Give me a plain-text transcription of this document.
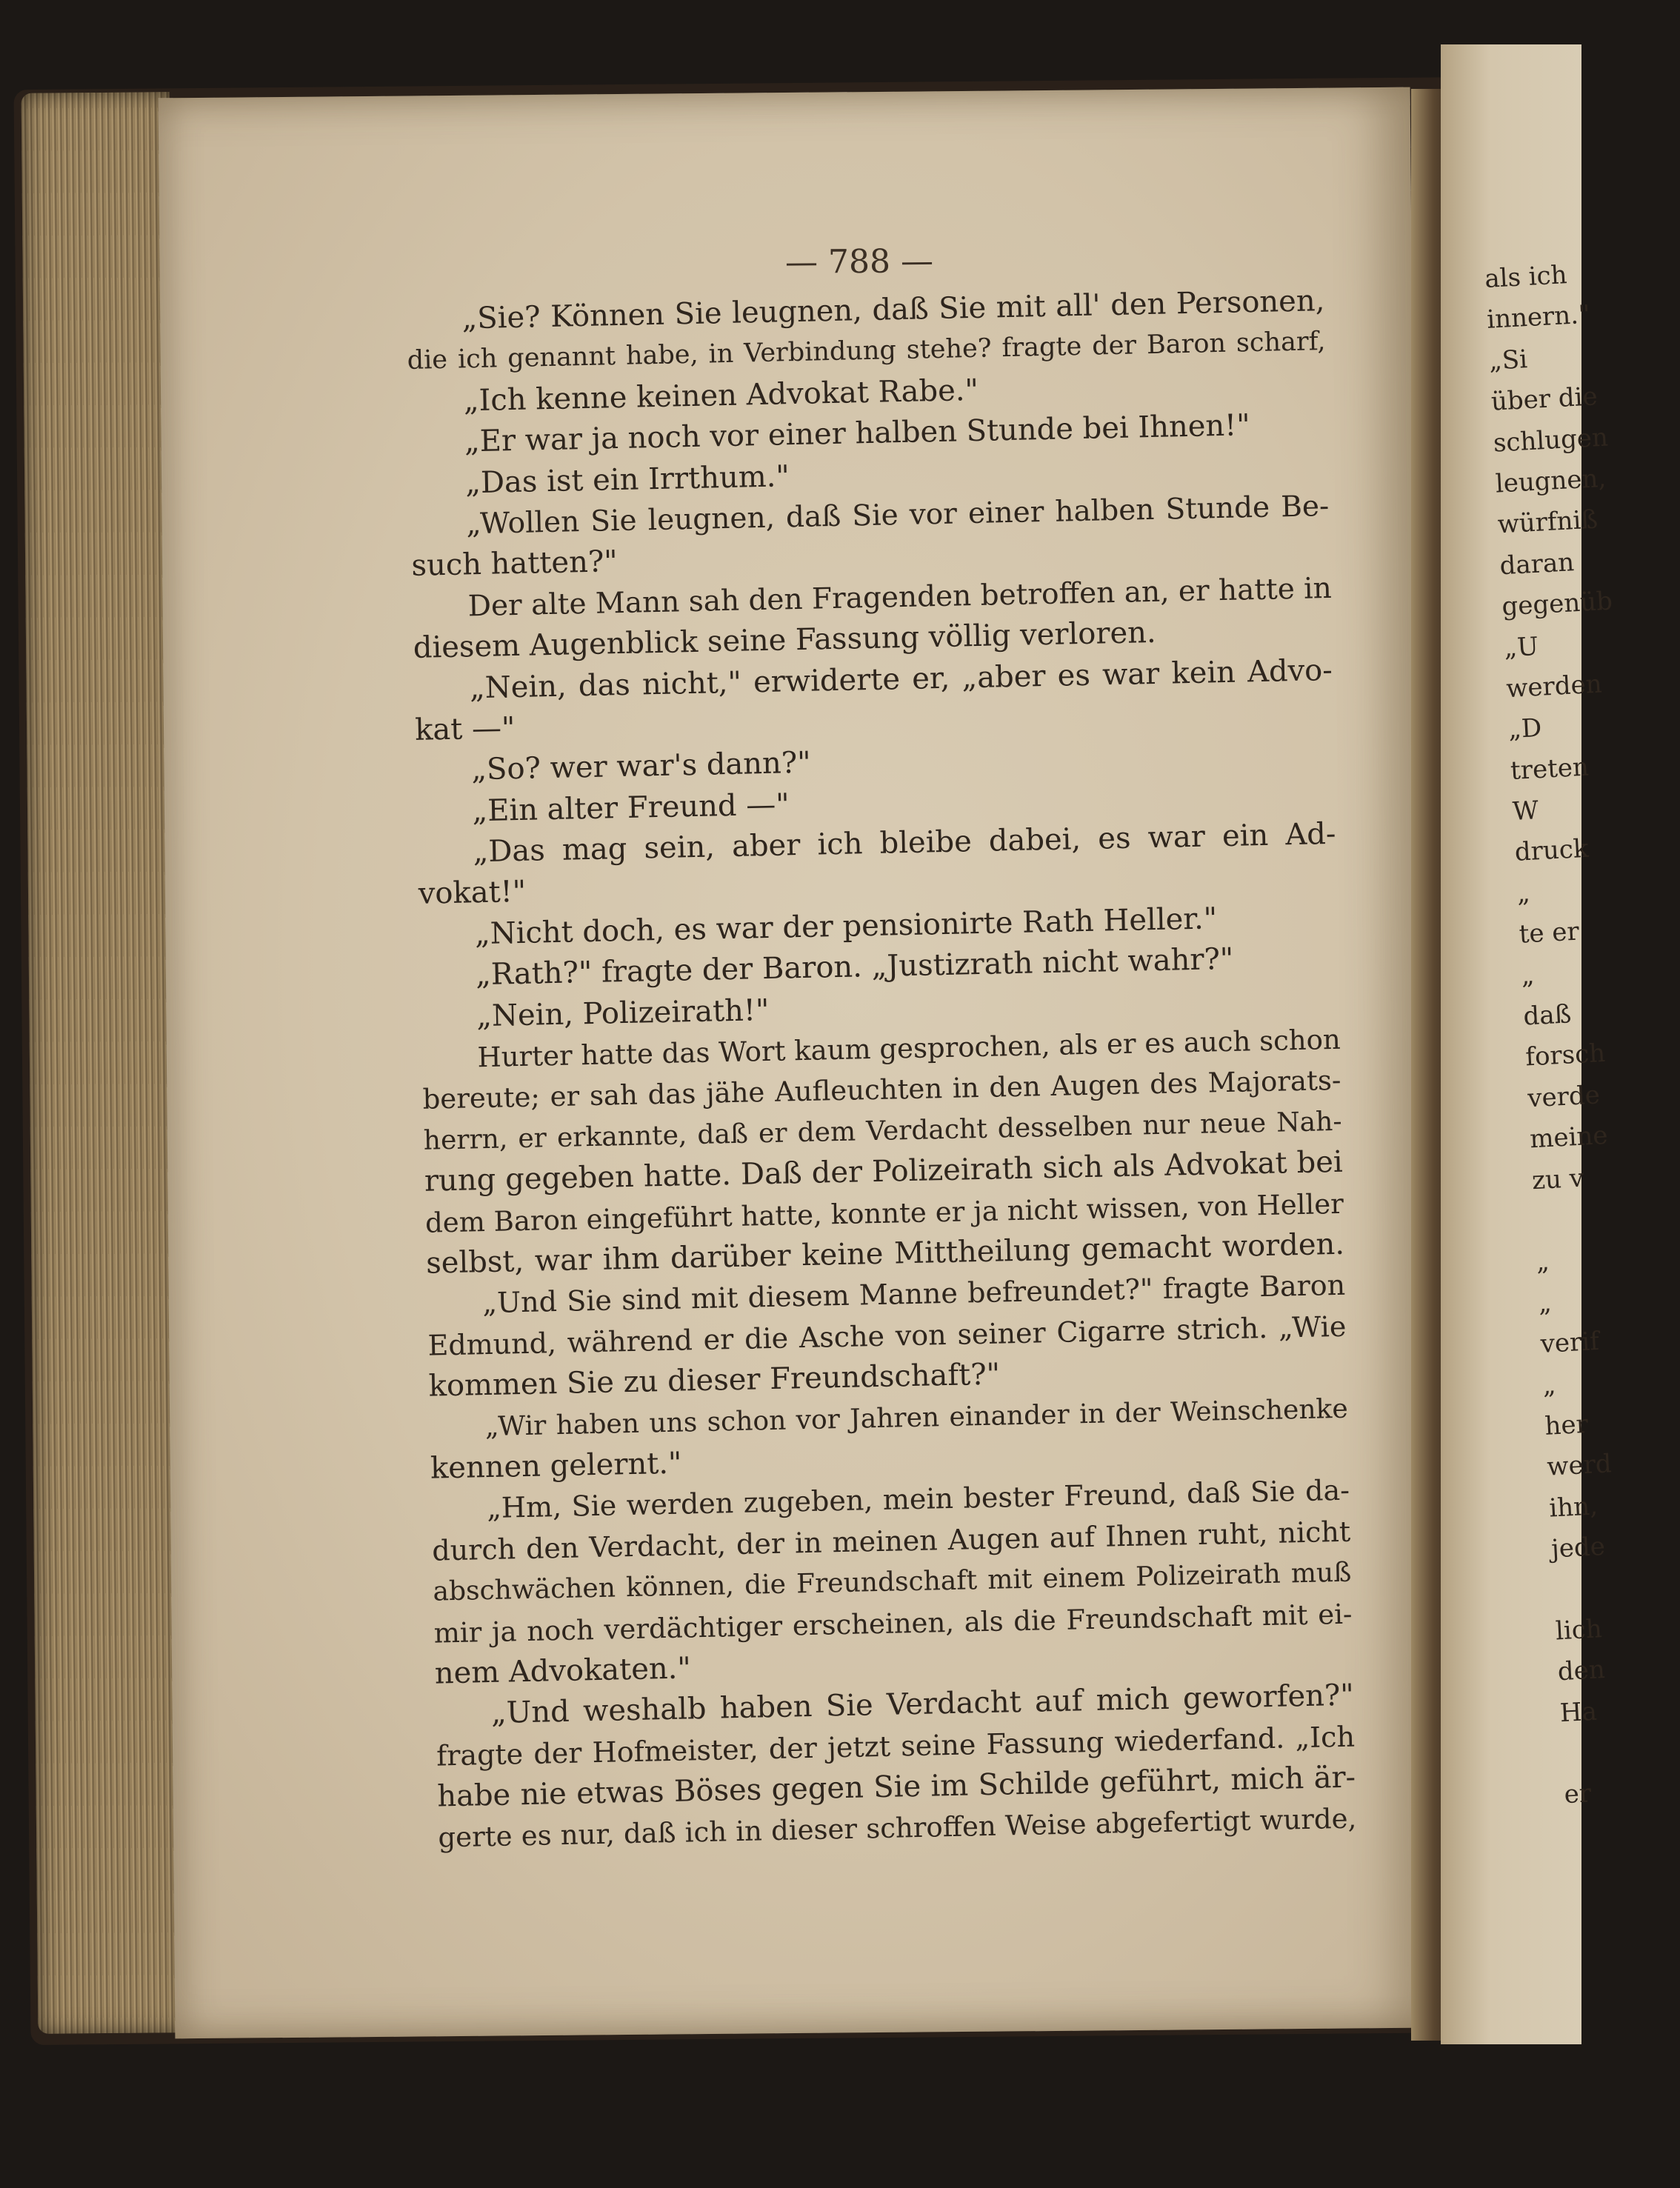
— 788 —
„Sie? Können Sie leugnen, daß Sie mit all' den Personen,
die ich genannt habe, in Verbindung stehe? fragte der Baron scharf,
„Ich kenne keinen Advokat Rabe."
„Er war ja noch vor einer halben Stunde bei Ihnen!"
„Das ist ein Irrthum."
„Wollen Sie leugnen, daß Sie vor einer halben Stunde Be-
such hatten?"
Der alte Mann sah den Fragenden betroffen an, er hatte in
diesem Augenblick seine Fassung völlig verloren.
„Nein, das nicht," erwiderte er, „aber es war kein Advo-
kat —"
„So? wer war's dann?"
„Ein alter Freund —"
„Das mag sein, aber ich bleibe dabei, es war ein Ad-
vokat!"
„Nicht doch, es war der pensionirte Rath Heller."
„Rath?" fragte der Baron. „Justizrath nicht wahr?"
„Nein, Polizeirath!"
Hurter hatte das Wort kaum gesprochen, als er es auch schon
bereute; er sah das jähe Aufleuchten in den Augen des Majorats-
herrn, er erkannte, daß er dem Verdacht desselben nur neue Nah-
rung gegeben hatte. Daß der Polizeirath sich als Advokat bei
dem Baron eingeführt hatte, konnte er ja nicht wissen, von Heller
selbst, war ihm darüber keine Mittheilung gemacht worden.
„Und Sie sind mit diesem Manne befreundet?" fragte Baron
Edmund, während er die Asche von seiner Cigarre strich. „Wie
kommen Sie zu dieser Freundschaft?"
„Wir haben uns schon vor Jahren einander in der Weinschenke
kennen gelernt."
„Hm, Sie werden zugeben, mein bester Freund, daß Sie da-
durch den Verdacht, der in meinen Augen auf Ihnen ruht, nicht
abschwächen können, die Freundschaft mit einem Polizeirath muß
mir ja noch verdächtiger erscheinen, als die Freundschaft mit ei-
nem Advokaten."
„Und weshalb haben Sie Verdacht auf mich geworfen?"
fragte der Hofmeister, der jetzt seine Fassung wiederfand. „Ich
habe nie etwas Böses gegen Sie im Schilde geführt, mich är-
gerte es nur, daß ich in dieser schroffen Weise abgefertigt wurde,
als ich
innern."
„Si
über die
schlugen
leugnen,
würfniß
daran
gegenüb
„U
werden
„D
treten
W
druck
„
te er
„
daß
forsch
verde
meine
zu v
„
„
verif
„
her
werd
ihn,
jede
lich
den
Ha
er
